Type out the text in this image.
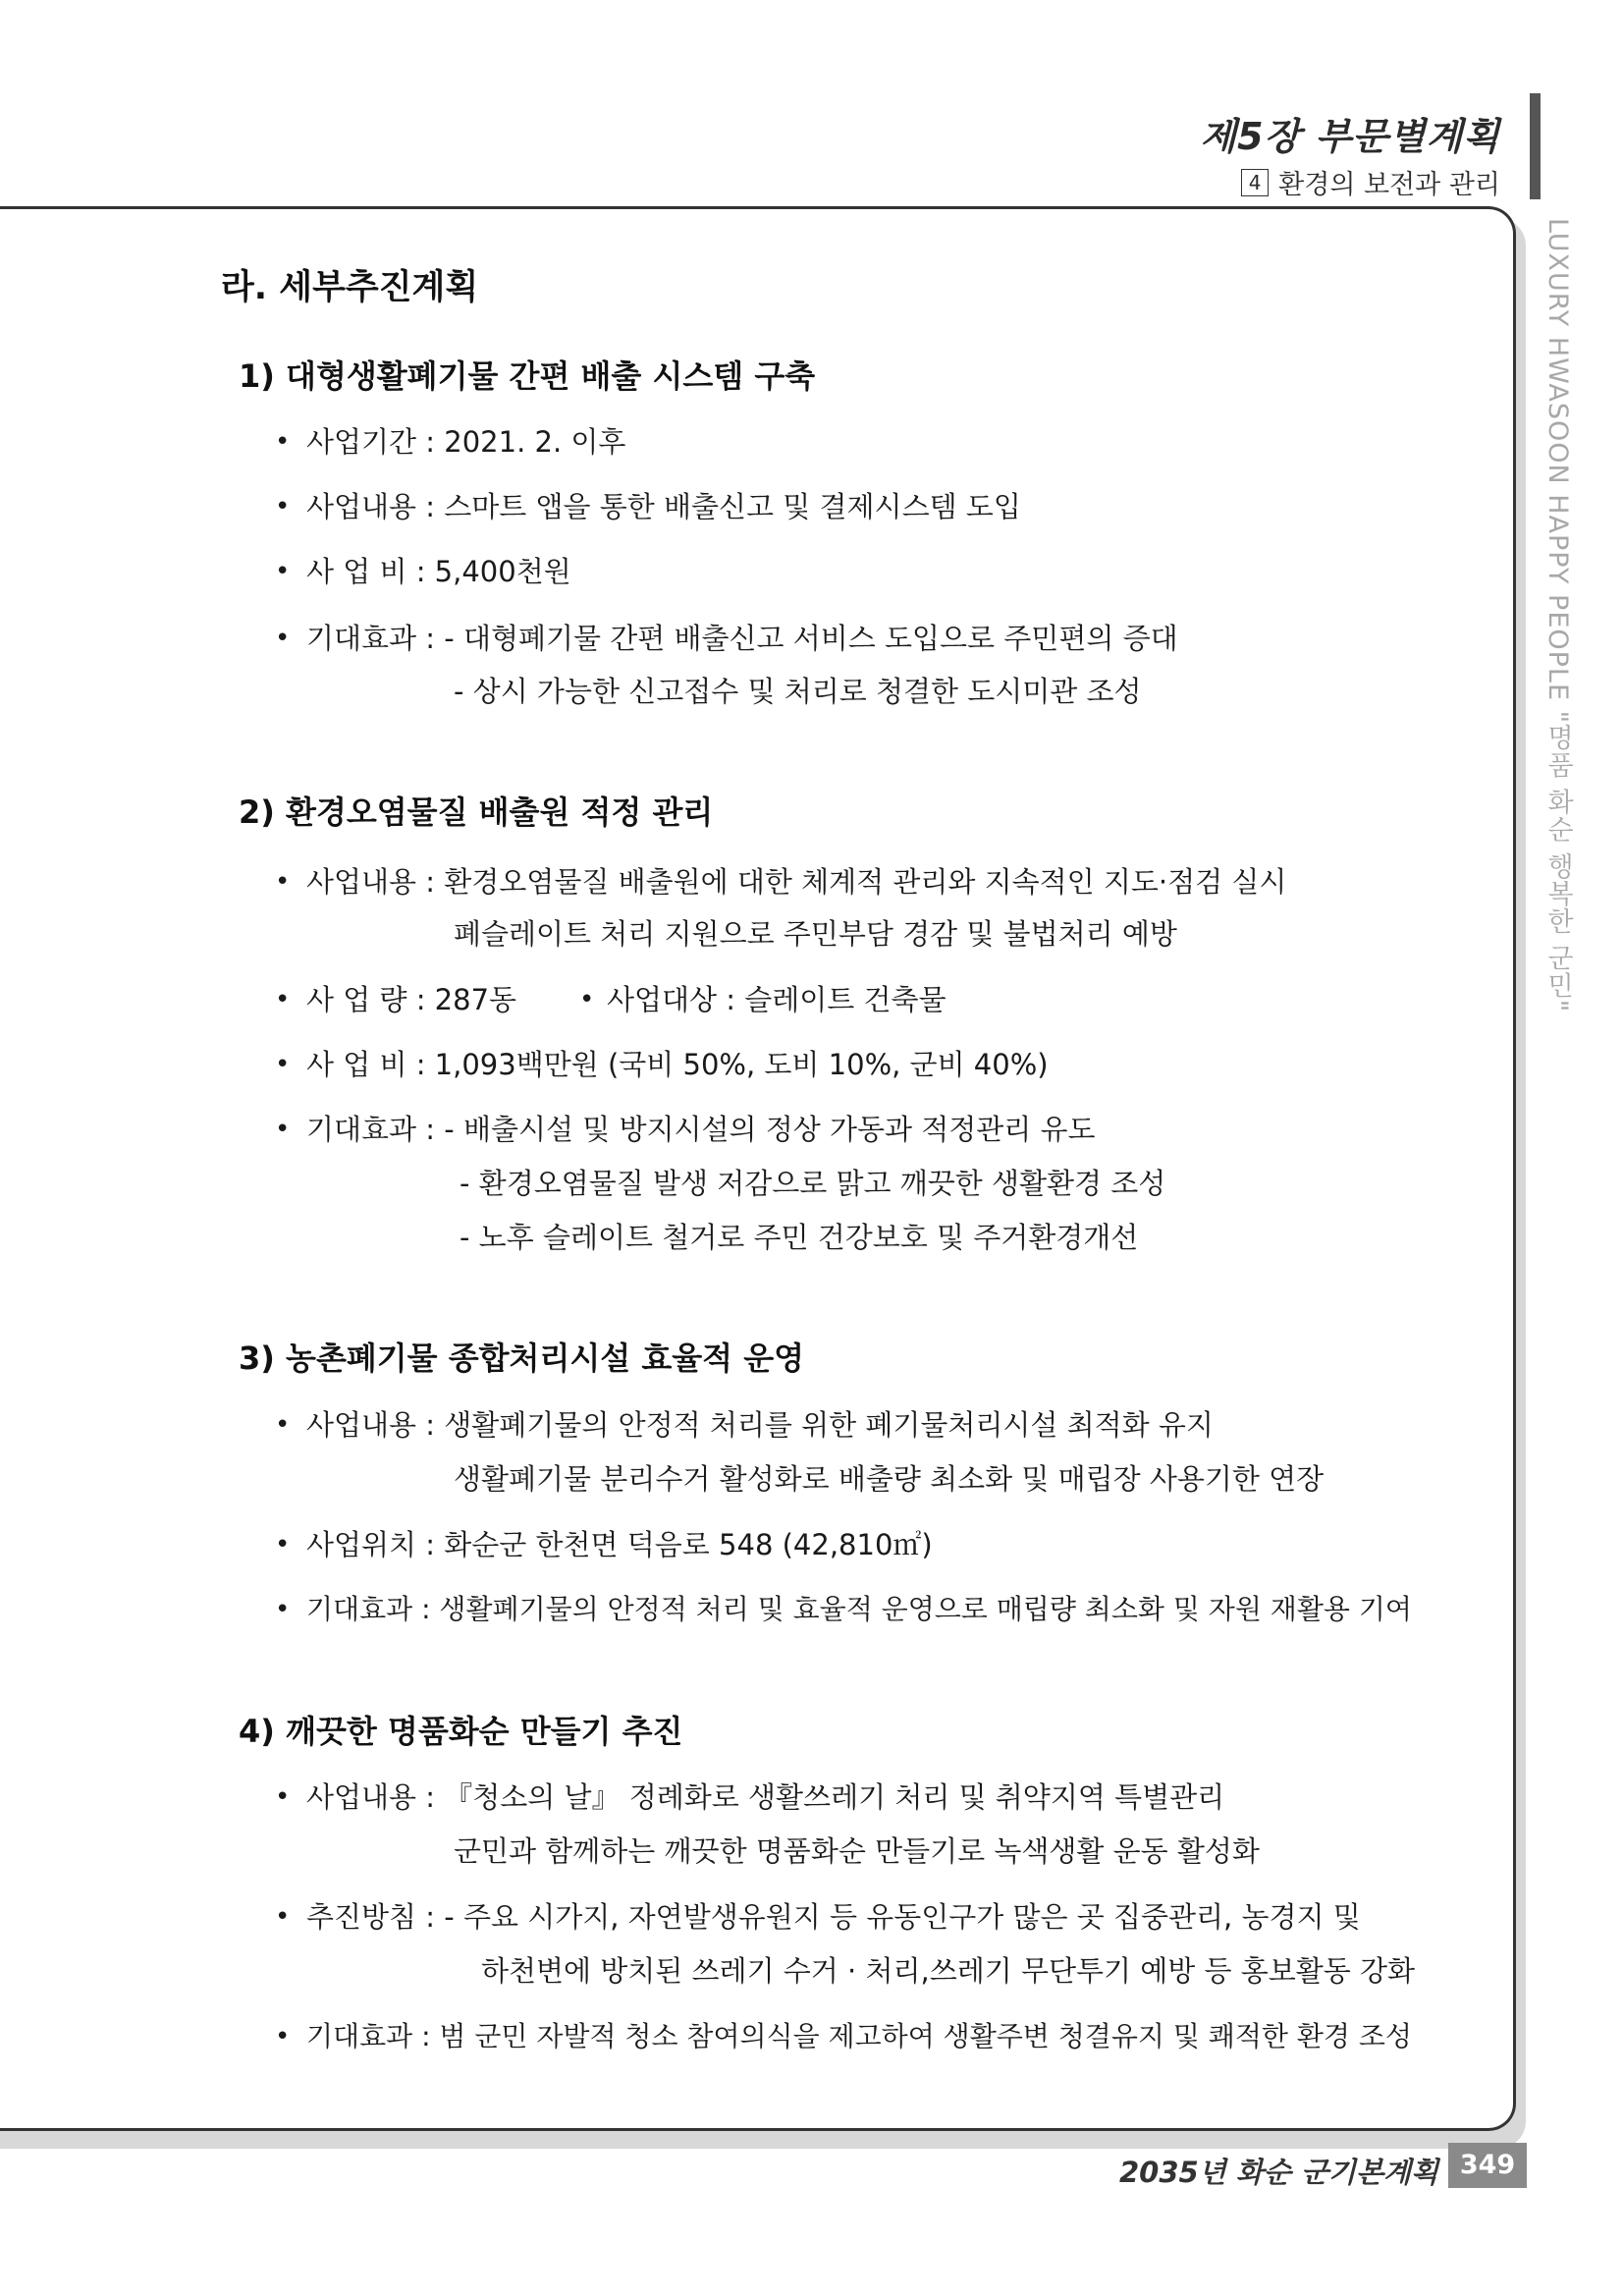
제5장 부문별계획
4 환경의 보전과 관리
LUXURY HWASOON HAPPY PEOPLE "명품 화순 행복한 군민"
라. 세부추진계획
1) 대형생활폐기물 간편 배출 시스템 구축
• 사업기간 : 2021. 2. 이후
• 사업내용 : 스마트 앱을 통한 배출신고 및 결제시스템 도입
• 사 업 비 : 5,400천원
• 기대효과 : - 대형폐기물 간편 배출신고 서비스 도입으로 주민편의 증대
- 상시 가능한 신고접수 및 처리로 청결한 도시미관 조성
2) 환경오염물질 배출원 적정 관리
• 사업내용 : 환경오염물질 배출원에 대한 체계적 관리와 지속적인 지도·점검 실시
폐슬레이트 처리 지원으로 주민부담 경감 및 불법처리 예방
• 사 업 량 : 287동 • 사업대상 : 슬레이트 건축물
• 사 업 비 : 1,093백만원 (국비 50%, 도비 10%, 군비 40%)
• 기대효과 : - 배출시설 및 방지시설의 정상 가동과 적정관리 유도
- 환경오염물질 발생 저감으로 맑고 깨끗한 생활환경 조성
- 노후 슬레이트 철거로 주민 건강보호 및 주거환경개선
3) 농촌폐기물 종합처리시설 효율적 운영
• 사업내용 : 생활폐기물의 안정적 처리를 위한 폐기물처리시설 최적화 유지
생활폐기물 분리수거 활성화로 배출량 최소화 및 매립장 사용기한 연장
• 사업위치 : 화순군 한천면 덕음로 548 (42,810㎡)
• 기대효과 : 생활폐기물의 안정적 처리 및 효율적 운영으로 매립량 최소화 및 자원 재활용 기여
4) 깨끗한 명품화순 만들기 추진
• 사업내용 : 『청소의 날』 정례화로 생활쓰레기 처리 및 취약지역 특별관리
군민과 함께하는 깨끗한 명품화순 만들기로 녹색생활 운동 활성화
• 추진방침 : - 주요 시가지, 자연발생유원지 등 유동인구가 많은 곳 집중관리, 농경지 및
하천변에 방치된 쓰레기 수거 · 처리,쓰레기 무단투기 예방 등 홍보활동 강화
• 기대효과 : 범 군민 자발적 청소 참여의식을 제고하여 생활주변 청결유지 및 쾌적한 환경 조성
2035년 화순 군기본계획 349
